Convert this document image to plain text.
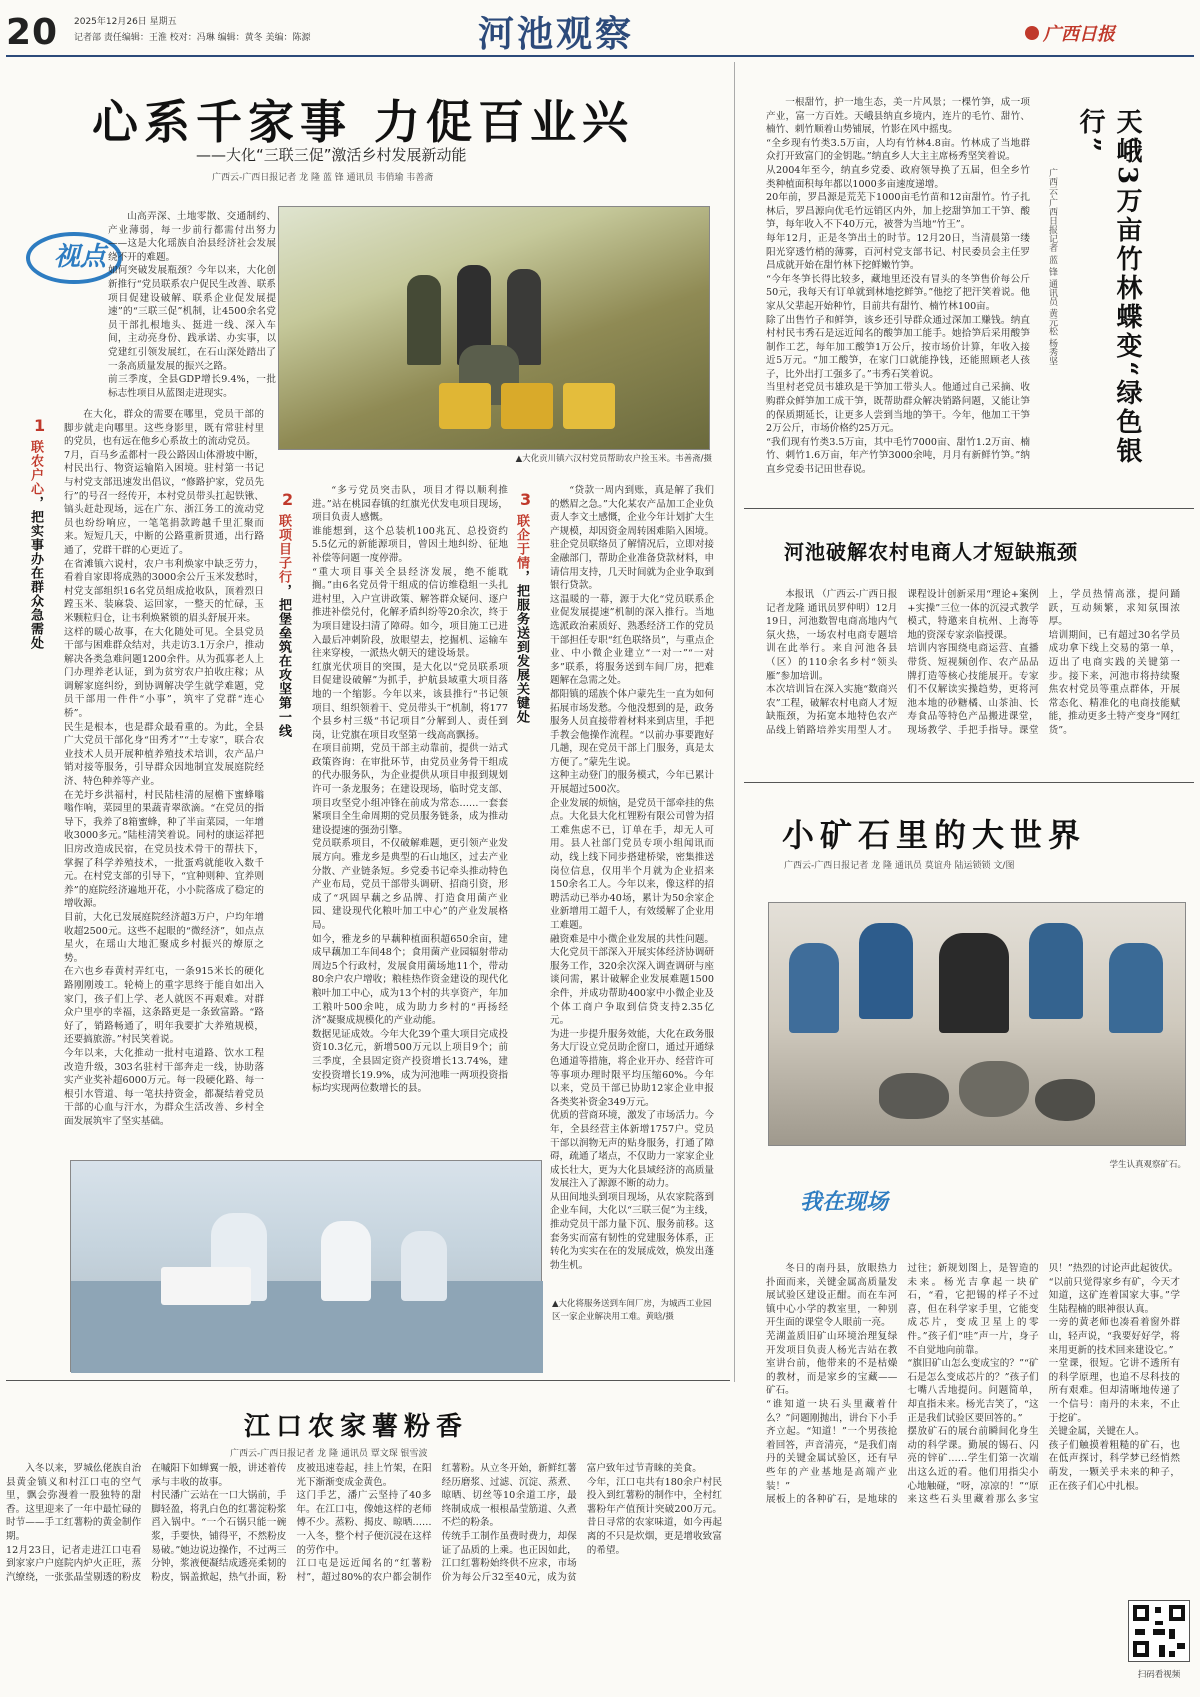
20 2025年12月26日 星期五
记者部 责任编辑：王淮 校对：冯琳 编辑：黄冬 美编：陈源	河池观察	广西日报
心系千家事 力促百业兴
——大化“三联三促”激活乡村发展新动能
广西云-广西日报记者 龙 隆 蓝 锋 通讯员 韦俏瑜 韦善斋
视点
山高弄深、土地零散、交通制约、产业薄弱，每一步前行都需付出努力——这是大化瑶族自治县经济社会发展绕不开的难题。
如何突破发展瓶颈？今年以来，大化创新推行“党员联系农户促民生改善、联系项目促建设破解、联系企业促发展提速”的“三联三促”机制，让4500余名党员干部扎根地头、挺进一线、深入车间，主动亮身份、践承诺、办实事，以党建红引领发展红，在石山深处踏出了一条高质量发展的振兴之路。
前三季度，全县GDP增长9.4%，一批标志性项目从蓝图走进现实。
▲大化贡川镇六汉村党员帮助农户捡玉米。韦善斋/摄
1
联农户心，把实事办在群众急需处
在大化，群众的需要在哪里，党员干部的脚步就走向哪里。这些身影里，既有常驻村里的党员，也有远在他乡心系故土的流动党员。
7月，百马乡孟都村一段公路因山体滑坡中断，村民出行、物资运输陷入困境。驻村第一书记与村党支部迅速发出倡议，“修路护家，党员先行”的号召一经传开，本村党员带头扛起铁锹、镐头赶赴现场，远在广东、浙江务工的流动党员也纷纷响应，一笔笔捐款跨越千里汇聚而来。短短几天，中断的公路重新贯通，出行路通了，党群干群的心更近了。
在省滩镇六说村，农户韦利焕家中缺乏劳力，看着自家即将成熟的3000余公斤玉米发愁时，村党支部组织16名党员组成抢收队，顶着烈日蹚玉米、装麻袋、运回家，一整天的忙碌，玉米颗粒归仓，让韦利焕紧锁的眉头舒展开来。
这样的暖心故事，在大化随处可见。全县党员干部与困难群众结对，共走访3.1万余户，推动解决各类急难问题1200余件。从为孤寡老人上门办理养老认证，到为贫穷农户拍收庄稼；从调解家庭纠纷，到协调解决学生就学难题，党员干部用一件件“小事”，筑牢了党群“连心桥”。
民生是根本，也是群众最看重的。为此，全县广大党员干部化身“田秀才”“土专家”，联合农业技术人员开展种植养殖技术培训，农产品户销对接等服务，引导群众因地制宜发展庭院经济、特色种养等产业。
在羌圩乡洪福村，村民陆桂清的屋檐下蜜蜂嗡嗡作响，菜园里的果蔬青翠欲滴。“在党员的指导下，我养了8箱蜜蜂，种了半亩菜园，一年增收3000多元。”陆桂清笑着说。同村的康运祥把旧房改造成民宿，在党员技术骨干的帮扶下，掌握了科学养殖技术，一批蛋鸡就能收入数千元。在村党支部的引导下，“宜种则种、宜养则养”的庭院经济遍地开花，小小院落成了稳定的增收源。
目前，大化已发展庭院经济超3万户，户均年增收超2500元。这些不起眼的“微经济”，如点点星火，在瑶山大地汇聚成乡村振兴的燎原之势。
在六也乡春黄村弄红屯，一条915米长的硬化路刚刚竣工。轮椅上的重字思终于能自如出入家门，孩子们上学、老人就医不再艰难。对群众户里亭的幸福，这条路更是一条致富路。“路好了，销路畅通了，明年我要扩大养殖规模，还要搞旅游。”村民笑着说。
今年以来，大化推动一批村屯道路、饮水工程改造升级，303名驻村干部奔走一线，协助落实产业奖补超6000万元。每一段硬化路、每一根引水管道、每一笔扶持资金，都凝结着党员干部的心血与汗水，为群众生活改善、乡村全面发展筑牢了坚实基础。
2
联项目子行，把堡垒筑在攻坚第一线
“多亏党员突击队，项目才得以顺利推进。”站在桃园春镇的红旗光伏发电项目现场，项目负责人感慨。
谁能想到，这个总装机100兆瓦、总投资约5.5亿元的新能源项目，曾因土地纠纷、征地补偿等问题一度停滞。
“重大项目事关全县经济发展，绝不能耽搁。”由6名党员骨干组成的信访维稳组一头扎进村里，入户宣讲政策、解答群众疑问、逐户推进补偿兑付，化解矛盾纠纷等20余次，终于为项目建设扫清了障碍。如今，项目施工已进入最后冲刺阶段，放眼望去，挖掘机、运输车往来穿梭，一派热火朝天的建设场景。
红旗光伏项目的突围，是大化以“党员联系项目促建设破解”为抓手，护航县域重大项目落地的一个缩影。今年以来，该县推行“书记领项目、组织领着干、党员带头干”机制，将177个县乡村三级“书记项目”分解到人、责任到岗，让党旗在项目攻坚第一线高高飘扬。
在项目前期，党员干部主动靠前，提供一站式政策咨询：在审批环节，由党员业务骨干组成的代办服务队，为企业提供从项目申报到规划许可一条龙服务；在建设现场，临时党支部、项目攻坚党小组冲锋在前成为常态……一套套紧项目全生命周期的党员服务链条，成为推动建设提速的强劲引擎。
党员联系项目，不仅破解难题，更引领产业发展方向。雅龙乡是典型的石山地区，过去产业分散、产业链条短。乡党委书记牵头推动特色产业布局，党员干部带头调研、招商引资，形成了“巩固早藕之乡品牌、打造食用菌产业园、建设现代化粮叶加工中心”的产业发展格局。
如今，雅龙乡的早藕种植面积超650余亩，建成早藕加工车间48个；食用菌产业园辐射带动周边5个行政村，发展食用菌场地11个，带动80余户农户增收；粮桂热作资金建设的现代化粮叶加工中心，成为13个村的共享资产，年加工粮叶500余吨，成为助力乡村的“再扬经济”凝聚成规模化的产业动能。
数据见证成效。今年大化39个重大项目完成投资10.3亿元，新增500万元以上项目9个；前三季度，全县固定资产投资增长13.74%，建安投资增长19.9%，成为河池唯一两项投资指标均实现两位数增长的县。
3
联企于情，把服务送到发展关键处
“贷款一周内到账，真是解了我们的燃眉之急。”大化某农产品加工企业负责人李文土感慨，企业今年计划扩大生产规模，却因资金周转困难陷入困境。驻企党员联络员了解情况后，立即对接金融部门，帮助企业准备贷款材料，申请信用支持，几天时间就为企业争取到银行贷款。
这温暖的一幕，源于大化“党员联系企业促发展提速”机制的深入推行。当地选派政治素质好、熟悉经济工作的党员干部担任专职“红色联络员”，与重点企业、中小微企业建立“一对一”“一对多”联系，将服务送到车间厂房，把难题解在急需之处。
都阳镇的瑶族个体户蒙先生一直为如何拓展市场发愁。今他没想到的是，政务服务人员直接带着材料来到店里，手把手教会他操作流程。“以前办事要跑好几趟，现在党员干部上门服务，真是太方便了。”蒙先生说。
这种主动登门的服务模式，今年已累计开展超过500次。
企业发展的烦恼，是党员干部牵挂的焦点。大化县大化杠锂粉有限公司曾为招工难焦虑不已，订单在手，却无人可用。县人社部门党员专项小组闻讯而动，线上线下同步搭建桥梁，密集推送岗位信息，仅用半个月就为企业招来150余名工人。今年以来，像这样的招聘活动已举办40场，累计为50余家企业新增用工超千人，有效缓解了企业用工难题。
融资难是中小微企业发展的共性问题。大化党员干部深入开展实体经济协调研服务工作，320余次深入调查调研与座谈问需，累计破解企业发展难题1500余件，并成功帮助400家中小微企业及个体工商户争取到信贷支持2.35亿元。
为进一步提升服务效能，大化在政务服务大厅设立党员助企窗口，通过开通绿色通道等措施，将企业开办、经营许可等事项办理时限平均压缩60%。今年以来，党员干部已协助12家企业申报各类奖补资金349万元。
优质的营商环境，激发了市场活力。今年，全县经营主体新增1757户。党员干部以润物无声的贴身服务，打通了障碍，疏通了堵点，不仅助力一家家企业成长壮大，更为大化县域经济的高质量发展注入了源源不断的动力。
从田间地头到项目现场，从农家院落到企业车间，大化以“三联三促”为主线，推动党员干部力量下沉、服务前移。这套务实而富有韧性的党建服务体系，正转化为实实在在的发展成效，焕发出蓬勃生机。
▲大化将服务送到车间厂房，为城西工业园区一家企业解决用工难。黄晗/摄
一根甜竹，护一地生态，美一片风景；一棵竹笋，成一项产业，富一方百姓。天峨县纳直乡境内，连片的毛竹、甜竹、楠竹、刺竹顺着山势铺展，竹影在风中摇曳。
“全乡现有竹类3.5万亩，人均有竹林4.8亩。竹林成了当地群众打开致富门的金钥匙。”纳直乡人大主主席杨秀坚笑着说。
从2004年至今，纳直乡党委、政府领导换了五届，但全乡竹类种植面积每年都以1000多亩速度递增。
20年前，罗昌源是荒芜下1000亩毛竹苗和12亩甜竹。竹子扎林后，罗昌源向优毛竹远销区内外，加上挖甜笋加工干笋、酸笋，每年收入不下40万元，被誉为当地“竹王”。
每年12月，正是冬笋出土的时节。12月20日，当清晨第一缕阳光穿透竹梢的薄雾，百河村党支部书记、村民委员会主任罗昌成就开始在甜竹林下挖鲜嫩竹笋。
“今年冬笋长得比较多，藏地里还没有冒头的冬笋售价每公斤50元，我每天有订单就到林地挖鲜笋。”他挖了把汗笑着说。他家从父辈起开始种竹，目前共有甜竹、楠竹林100亩。
除了出售竹子和鲜笋，该乡还引导群众通过深加工赚钱。纳直村村民韦秀石是远近闻名的酸笋加工能手。她拾笋后采用酸笋制作工艺，每年加工酸笋1万公斤，按市场价计算，年收入接近5万元。“加工酸笋，在家门口就能挣钱，还能照顾老人孩子，比外出打工强多了。”韦秀石笑着说。
当里村老党员韦雄玖是干笋加工带头人。他通过自己采摘、收购群众鲜笋加工成干笋，既帮助群众解决销路问题，又能让笋的保质期延长，让更多人尝到当地的笋干。今年，他加工干笋2万公斤，市场价格约25万元。
“我们现有竹类3.5万亩，其中毛竹7000亩、甜竹1.2万亩、楠竹、刺竹1.6万亩，年产竹笋3000余吨，月月有新鲜竹笋。”纳直乡党委书记田世春说。
天峨3万亩竹林蝶变“绿色银行”
广西云-广西日报记者 蓝 锋 通讯员 黄元松 杨秀坚
河池破解农村电商人才短缺瓶颈
本报讯 （广西云-广西日报记者龙隆 通讯员罗仲明）12月19日，河池数智电商高地内气氛火热，一场农村电商专题培训在此举行。来自河池各县（区）的110余名乡村“领头雁”参加培训。
本次培训旨在深入实施“数商兴农”工程，破解农村电商人才短缺瓶颈，为拓宽本地特色农产品线上销路培养实用型人才。课程设计创新采用“理论+案例+实操”三位一体的沉浸式教学模式，特邀来自杭州、上海等地的资深专家亲临授课。
培训内容围绕电商运营、直播带货、短视频创作、农产品品牌打造等核心技能展开。专家们不仅解读实操趋势，更将河池本地的砂糖橘、山茶油、长寿食品等特色产品搬进课堂，现场教学、手把手指导。课堂上，学员热情高涨，提问踊跃，互动频繁，求知氛围浓厚。
培训期间，已有超过30名学员成功拿下线上交易的第一单，迈出了电商实践的关键第一步。接下来，河池市将持续聚焦农村党员等重点群体，开展常态化、精准化的电商技能赋能，推动更多土特产变身“网红货”。
小矿石里的大世界
广西云-广西日报记者 龙 隆 通讯员 莫谊舟 陆运锁锁 文/图
学生认真观察矿石。
我在现场
冬日的南丹县，放眼热力扑面而来，关键金属高质量发展试验区建设正酣。而在车河镇中心小学的教室里，一种别开生面的课堂令人眼前一亮。
芜湖盖质旧矿山环境治理复绿开发项目负责人杨光吉站在教室讲台前，他带来的不是枯燥的教材，而是家乡的宝藏——矿石。
“谁知道一块石头里藏着什么？”问题刚抛出，讲台下小手齐立起。“知道！”一个男孩抢着回答，声音清亮，“是我们南丹的关键金属试验区，还有早些年的产业基地是高端产业装！”
展板上的各种矿石，是地球的过往；新规划图上，是智造的未来。杨光吉拿起一块矿石，“看，它把锡的样子不过喜，但在科学家手里，它能变成芯片，变成卫星上的零件。”孩子们“哇”声一片，身子不自觉地向前靠。
“旗旧矿山怎么变成宝的？”“矿石是怎么变成芯片的？”孩子们七嘴八舌地提问。问题简单，却直指未来。杨光吉笑了，“这正是我们试验区要回答的。”
摆放矿石的展台前瞬间化身生动的科学课。勤展的锡石、闪亮的锌矿……学生们第一次端出这么近的看。他们用指尖小心地触碰，“呀，凉凉的！”“原来这些石头里藏着那么多宝贝！”热烈的讨论声此起彼伏。
“以前只觉得家乡有矿，今天才知道，这矿连着国家大事。”学生陆程楠的眼神很认真。
一旁的黄老师也凑看着窗外群山，轻声说，“我要好好学，将来用更新的技术回来建设它。”
一堂课，很短。它讲不透所有的科学原理，也追不尽科技的所有艰难。但却清晰地传递了一个信号：南丹的未来，不止于挖矿。
关键金属，关键在人。
孩子们触摸着粗糙的矿石，也在低声探讨，科学梦已经悄然萌发，一颗关乎未来的种子，正在孩子们心中扎根。
扫码看视频
江口农家薯粉香
广西云-广西日报记者 龙 隆 通讯员 覃文琛 银雪波
入冬以来，罗城仫佬族自治县黄金镇义和村江口屯的空气里，飘会弥漫着一股独特的甜香。这里迎来了一年中最忙碌的时节——手工红薯粉的黄金制作期。
12月23日，记者走进江口屯看到家家户户庭院内炉火正旺，蒸汽缭绕，一张张晶莹剔透的粉皮在嘁阳下如蝉翼一般，讲述着传承与丰收的故事。
村民潘广云站在一口大锅前，手脚轻盈，将乳白色的红薯淀粉浆舀入锅中。“一个石锅只能一碗浆，手要快，铺得平，不然粉皮易破。”她边说边操作，不过两三分钟，浆液便凝结成透亮柔韧的粉皮，锅盖掀起，热气扑面，粉皮被迅速卷起，挂上竹架，在阳光下渐渐变成金黄色。
这门手艺，潘广云坚持了40多年。在江口屯，像她这样的老师傅不少。蒸粉、揭皮、晾晒……一入冬，整个村子便沉浸在这样的劳作中。
江口屯是远近闻名的“红薯粉村”，超过80%的农户都会制作红薯粉。从立冬开始，新鲜红薯经历磨浆、过滤、沉淀、蒸煮、晾晒、切丝等10余道工序，最终制成成一根根晶莹筋道、久煮不烂的粉条。
传统手工制作虽费时费力，却保证了品质的上乘。也正因如此，江口红薯粉始终供不应求，市场价为每公斤32至40元，成为贫富户致年过节青睐的美食。
今年，江口屯共有180余户村民投入到红薯粉的制作中，全村红薯粉年产值预计突破200万元。昔日寻常的农家味道，如今再起离的不只是炊烟，更是增收致富的希望。
